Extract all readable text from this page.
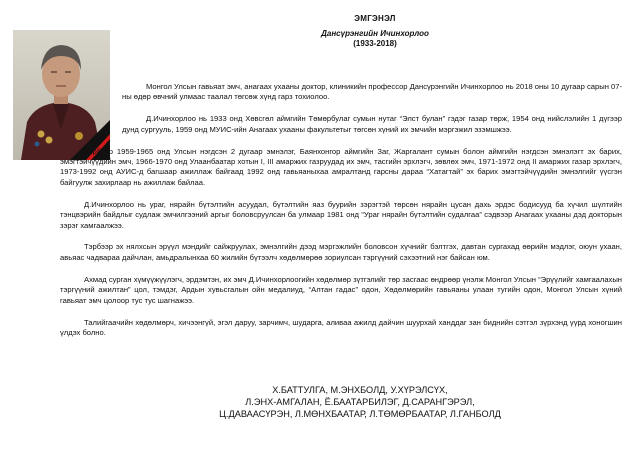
ЭМГЭНЭЛ
Дансүрэнгийн Ичинхорлоо
(1933-2018)

Монгол Улсын гавьяат эмч, анагаах ухааны доктор, клиникийн профессор Дансүрэнгийн Ичинхорлоо нь 2018 оны 10 дугаар сарын 07-ны өдөр өвчний улмаас таалал төгсөж хүнд гарз тохиолоо.

Д.Ичинхорлоо нь 1933 онд Хөвсгөл аймгийн Төмөрбулаг сумын нутаг “Элст булан” гэдэг газар төрж, 1954 онд нийслэлийн 1 дүгээр дунд сургууль, 1959 онд МУИС-ийн Анагаах ухааны факультетыг төгсөн хүний их эмчийн мэргэжил эзэмшжээ.

Тэрбээр 1959-1965 онд Улсын нэгдсэн 2 дугаар эмнэлэг, Баянхонгор аймгийн Заг, Жаргалант сумын болон аймгийн нэгдсэн эмнэлэгт эх барих, эмэгтэйчүүдийн эмч, 1966-1970 онд Улаанбаатар хотын I, III амаржих газруудад их эмч, тасгийн эрхлэгч, зөвлөх эмч, 1971-1972 онд II амаржих газар эрхлэгч, 1973-1992 онд АУИС-д багшаар ажиллаж байгаад 1992 онд гавьяаныхаа амралтанд гарсны дараа “Хатагтай” эх барих эмэгтэйчүүдийн эмнэлгийг үүсгэн байгуулж захирлаар нь ажиллаж байлаа.

Д.Ичинхорлоо нь ураг, нярайн бүтэлтийн асуудал, бүтэлтийн яаз буурийн зэрэгтэй төрсөн нярайн цусан дахь эрдэс бодисууд ба хүчил шүлтийн тэнцвэрийн байдлыг судлаж эмчилгээний аргыг боловсруулсан ба улмаар 1981 онд “Ураг нярайн бүтэлтийн судалгаа” сэдвээр Анагаах ухааны дэд докторын зэрэг хамгаалжээ.

Тэрбээр эх нялхсын эрүүл мэндийг сайжруулах, эмнэлгийн дээд мэргэжлийн боловсон хүчнийг бэлтгэх, давтан сургахад өөрийн мэдлэг, оюун ухаан, авьяас чадвараа дайчлан, амьдралынхаа 60 жилийн бүтээлч хөдөлмөрөө зориулсан тэргүүний сэхээтний нэг байсан юм.

Ахмад сурган хүмүүжүүлэгч, эрдэмтэн, их эмч Д.Ичинхорлоогийн хөдөлмөр зүтгэлийг төр засгаас өндрөөр үнэлж Монгол Улсын “Эрүүлийг хамгаалахын тэргүүний ажилтан” цол, тэмдэг, Ардын хувьсгалын ойн медалиуд, “Алтан гадас” одон, Хөдөлмөрийн гавьяаны улаан тугийн одон, Монгол Улсын хүний гавьяат эмч цолоор тус тус шагнажээ.

Талийгаачийн хөдөлмөрч, хичээнгүй, эгэл даруу, зарчимч, шударга, аливаа ажилд дайчин шуурхай ханддаг зан биднийн сэтгэл зүрхэнд үүрд хоногшин үлдэх болно.

Х.БАТТУЛГА, М.ЭНХБОЛД, У.ХҮРЭЛСҮХ,
Л.ЭНХ-АМГАЛАН, Ё.БААТАРБИЛЭГ, Д.САРАНГЭРЭЛ,
Ц.ДАВААСҮРЭН, Л.МӨНХБААТАР, Л.ТӨМӨРБААТАР, Л.ГАНБОЛД
